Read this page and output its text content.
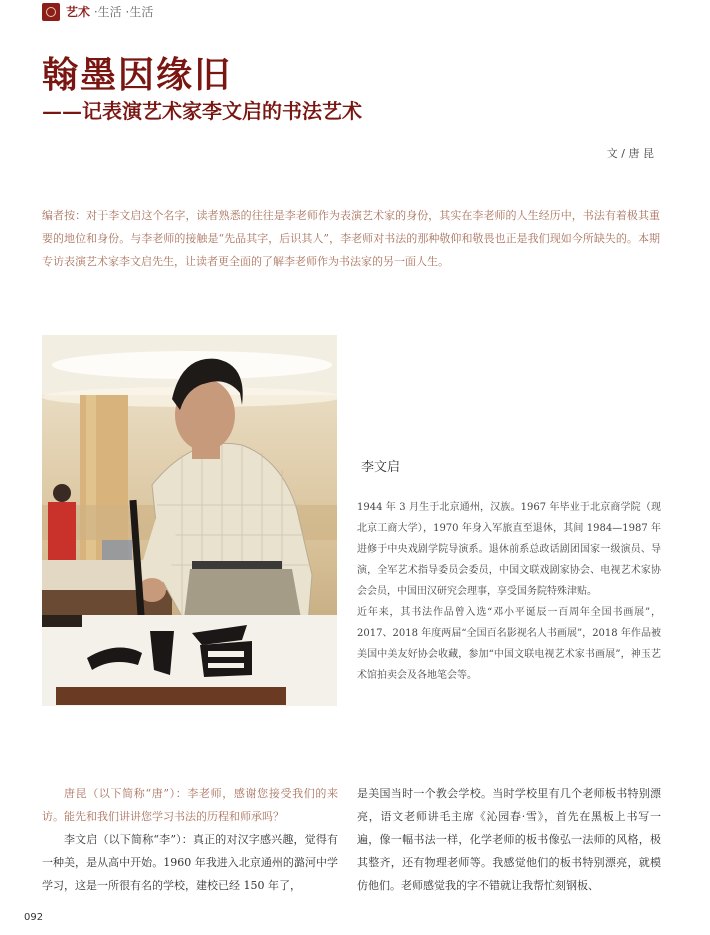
艺术 ·生活 ·生活
翰墨因缘旧
——记表演艺术家李文启的书法艺术
文 / 唐 昆
编者按：对于李文启这个名字，读者熟悉的往往是李老师作为表演艺术家的身份，其实在李老师的人生经历中，书法有着极其重要的地位和身份。与李老师的接触是“先品其字，后识其人”，李老师对书法的那种敬仰和敬畏也正是我们现如今所缺失的。本期专访表演艺术家李文启先生，让读者更全面的了解李老师作为书法家的另一面人生。
李文启

1944 年 3 月生于北京通州，汉族。1967 年毕业于北京商学院（现北京工商大学），1970 年身入军旅直至退休，其间 1984—1987 年进修于中央戏剧学院导演系。退休前系总政话剧团国家一级演员、导演，全军艺术指导委员会委员，中国文联戏剧家协会、电视艺术家协会会员，中国田汉研究会理事，享受国务院特殊津贴。

近年来，其书法作品曾入选“邓小平诞辰一百周年全国书画展”，2017、2018 年度两届“全国百名影视名人书画展”，2018 年作品被美国中美友好协会收藏，参加“中国文联电视艺术家书画展”，神玉艺术馆拍卖会及各地笔会等。

唐昆（以下简称“唐”）：李老师，感谢您接受我们的来访。能先和我们讲讲您学习书法的历程和师承吗？

李文启（以下简称“李”）：真正的对汉字感兴趣，觉得有一种美，是从高中开始。1960 年我进入北京通州的潞河中学学习，这是一所很有名的学校，建校已经 150 年了，

是美国当时一个教会学校。当时学校里有几个老师板书特别漂亮，语文老师讲毛主席《沁园春·雪》，首先在黑板上书写一遍，像一幅书法一样，化学老师的板书像弘一法师的风格，极其整齐，还有物理老师等。我感觉他们的板书特别漂亮，就模仿他们。老师感觉我的字不错就让我帮忙刻钢板、

092
